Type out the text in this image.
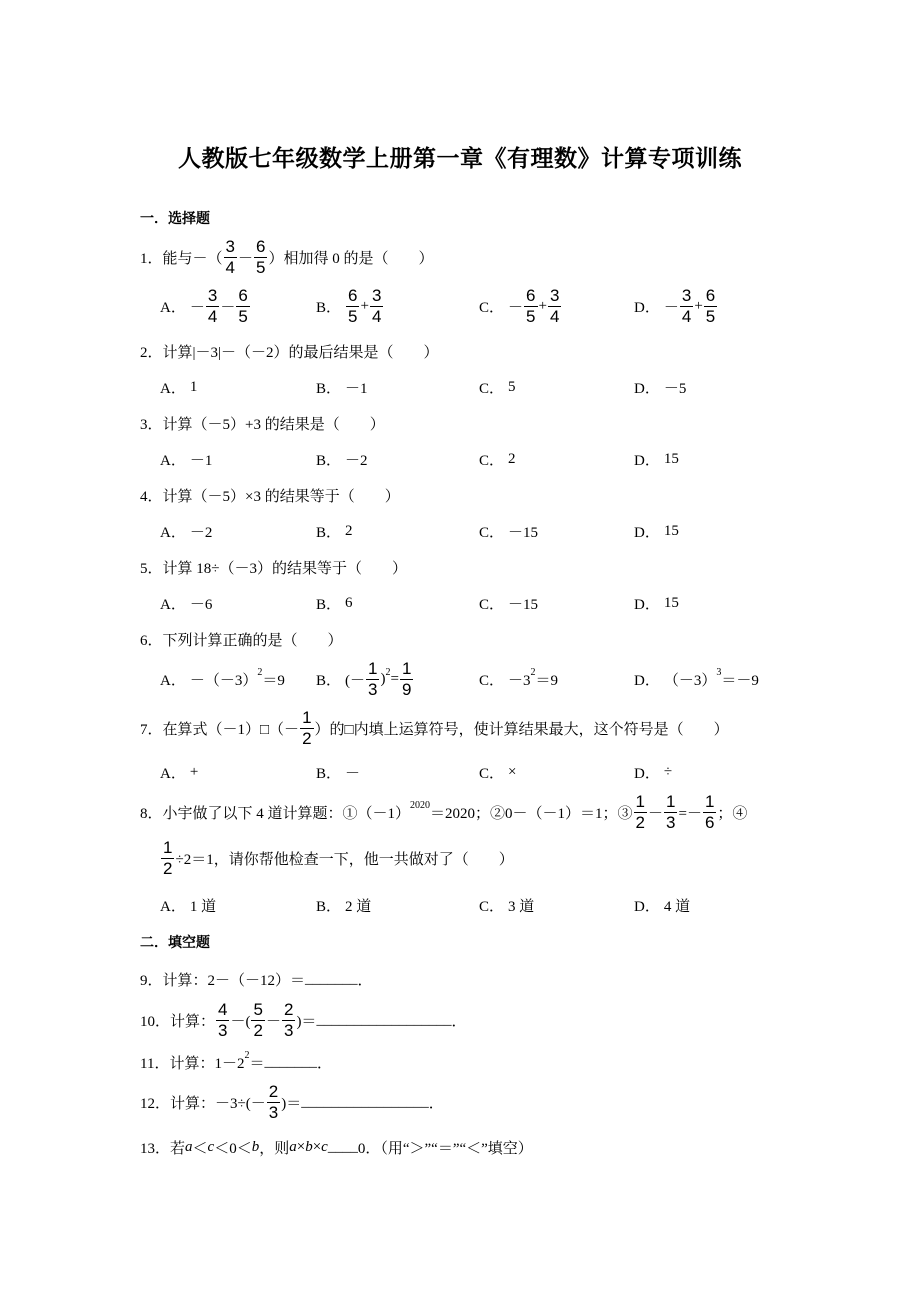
人教版七年级数学上册第一章《有理数》计算专项训练
一．选择题
二．填空题
1．能与－（ $\frac{3}{4} - \frac{6}{5}$ ）相加得 0 的是（　　）
A． － $\frac{3}{4} - \frac{6}{5}$	B． $\frac{6}{5} + \frac{3}{4}$	C． － $\frac{6}{5} + \frac{3}{4}$	D． － $\frac{3}{4} + \frac{6}{5}$
2．计算|－3|－（－2）的最后结果是（　　）
A． 1	B． －1	C． 5	D． －5
3．计算（－5）+3 的结果是（　　）
A． －1	B． －2	C． 2	D． 15
4．计算（－5）×3 的结果等于（　　）
A． －2	B． 2	C． －15	D． 15
5．计算 18÷（－3）的结果等于（　　）
A． －6	B． 6	C． －15	D． 15
6．下列计算正确的是（　　）
A． －（－3）
2
＝9 B． (－ $\frac{1}{3}$ ) $2 = \frac{1}{9}$	C． －3
2
＝9	D． （－3）
3
＝－9
7．在算式（－1）□（－ $\frac{1}{2}$ ）的□内填上运算符号，使计算结果最大，这个符号是（　　）
A． +	B． －	C． ×	D． ÷
8．小宇做了以下 4 道计算题：①（－1）
2020
＝2020；②0－（－1）＝1；③ $\frac{1}{2} - \frac{1}{3} =- \frac{1}{6}$ ；④
$\frac{1}{2} \div 2=1$，请你帮他检查一下，他一共做对了（　　）
A． 1 道	B． 2 道	C． 3 道	D． 4 道
9．计算：2－（－12）＝ _______ ．
10．计算： $\frac{4}{3}$ －( $\frac{5}{2} - \frac{2}{3}$ )＝ __________________ ．
11．计算：1－2
2
＝ _______ ．
12．计算：$-3\div(- \frac{2}{3}$ )＝ _________________ ．
13．若 a ＜ c ＜0＜ b ，则 a × b × c ____ 0．（用“＞”“＝”“＜”填空）
